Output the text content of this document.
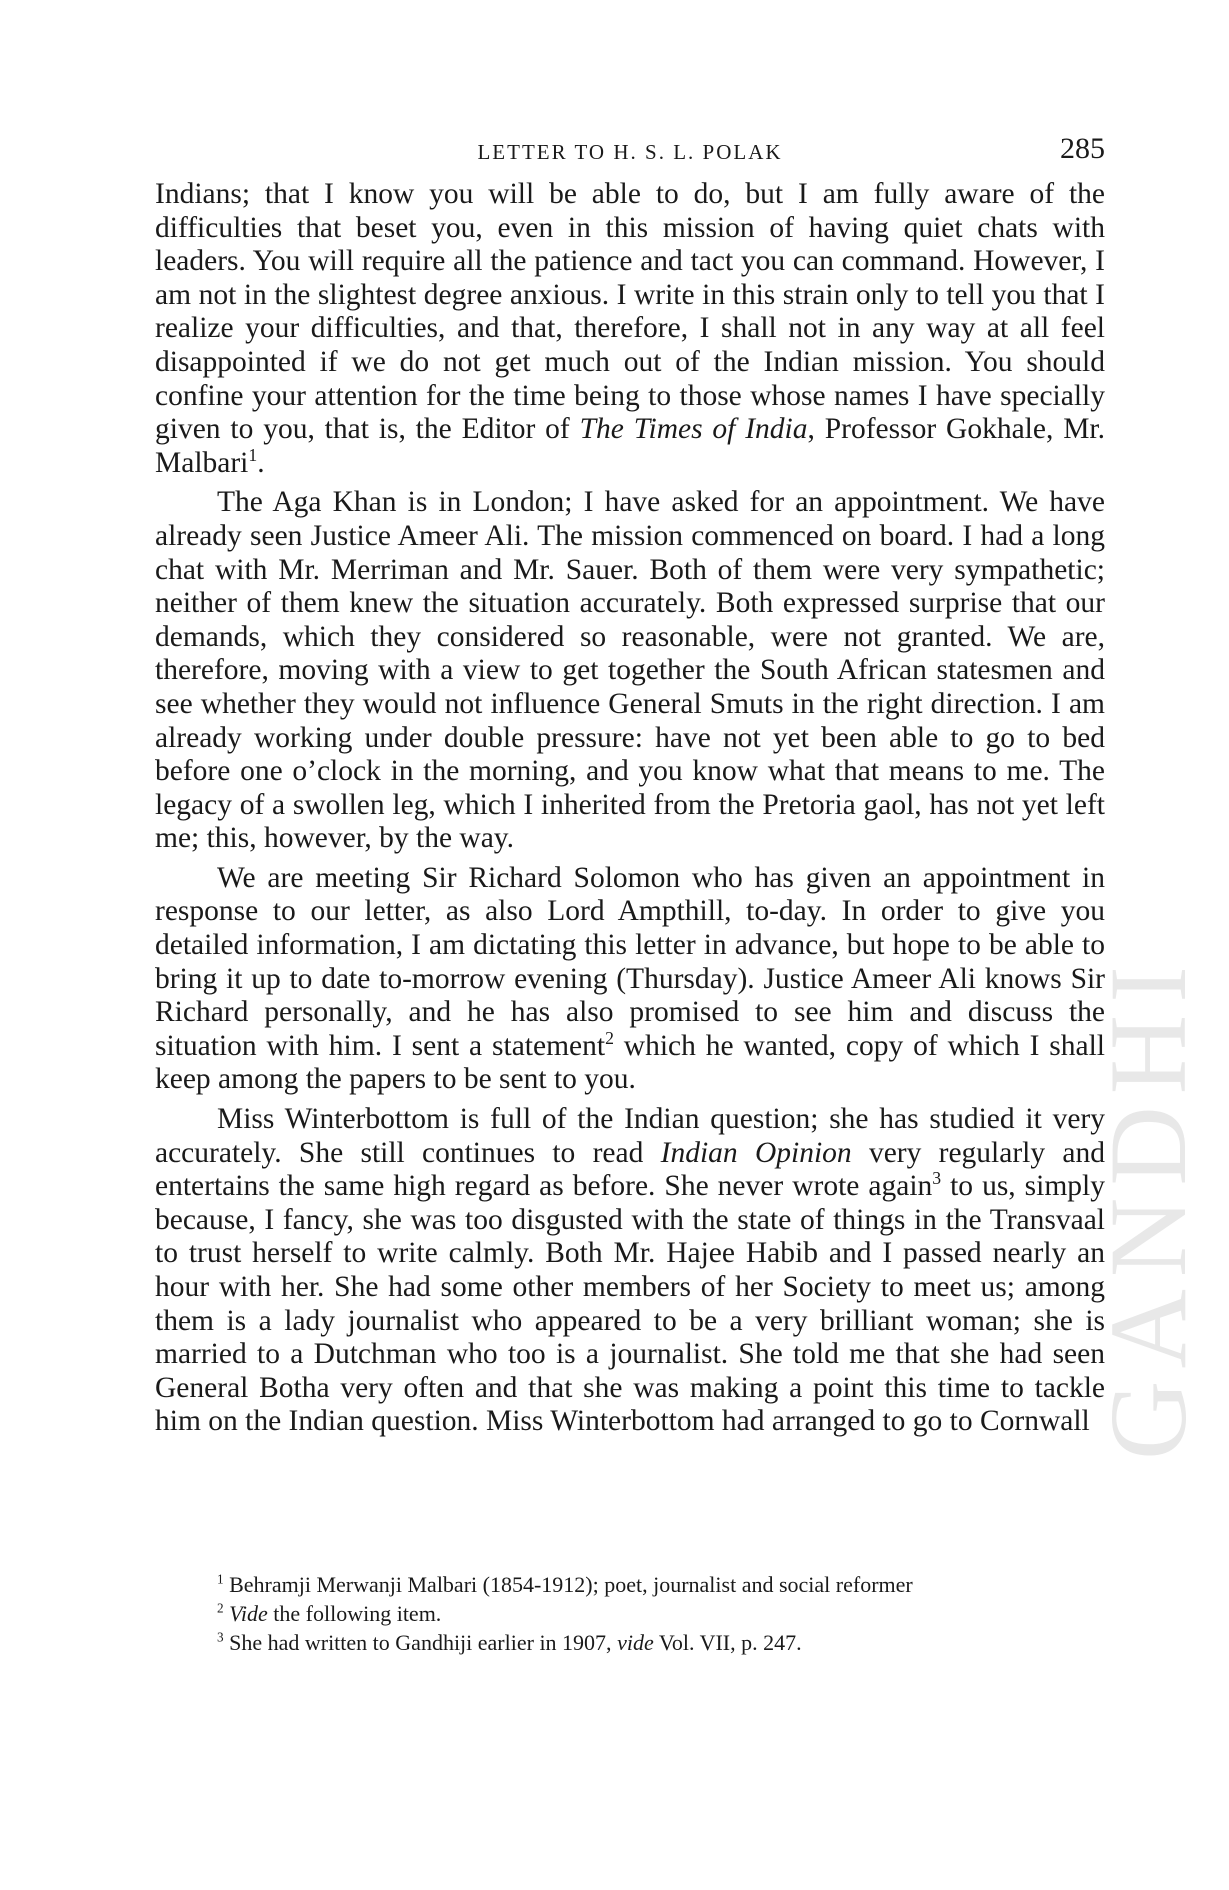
GANDHI
LETTER TO H. S. L. POLAK	285

Indians; that I know you will be able to do, but I am fully aware of the difficulties that beset you, even in this mission of having quiet chats with leaders. You will require all the patience and tact you can command. However, I am not in the slightest degree anxious. I write in this strain only to tell you that I realize your difficulties, and that, therefore, I shall not in any way at all feel disappointed if we do not get much out of the Indian mission. You should confine your attention for the time being to those whose names I have specially given to you, that is, the Editor of The Times of India, Professor Gokhale, Mr. Malbari$^1$.

The Aga Khan is in London; I have asked for an appointment. We have already seen Justice Ameer Ali. The mission commenced on board. I had a long chat with Mr. Merriman and Mr. Sauer. Both of them were very sympathetic; neither of them knew the situation accurately. Both expressed surprise that our demands, which they considered so reasonable, were not granted. We are, therefore, moving with a view to get together the South African statesmen and see whether they would not influence General Smuts in the right direction. I am already working under double pressure: have not yet been able to go to bed before one o’clock in the morning, and you know what that means to me. The legacy of a swollen leg, which I inherited from the Pretoria gaol, has not yet left me; this, however, by the way.

We are meeting Sir Richard Solomon who has given an appointment in response to our letter, as also Lord Ampthill, to-day. In order to give you detailed information, I am dictating this letter in advance, but hope to be able to bring it up to date to-morrow evening (Thursday). Justice Ameer Ali knows Sir Richard personally, and he has also promised to see him and discuss the situation with him. I sent a statement$^2$ which he wanted, copy of which I shall keep among the papers to be sent to you.

Miss Winterbottom is full of the Indian question; she has studied it very accurately. She still continues to read Indian Opinion very regularly and entertains the same high regard as before. She never wrote again$^3$ to us, simply because, I fancy, she was too disgusted with the state of things in the Transvaal to trust herself to write calmly. Both Mr. Hajee Habib and I passed nearly an hour with her. She had some other members of her Society to meet us; among them is a lady journalist who appeared to be a very brilliant woman; she is married to a Dutchman who too is a journalist. She told me that she had seen General Botha very often and that she was making a point this time to tackle him on the Indian question. Miss Winterbottom had arranged to go to Cornwall

$^1$ Behramji Merwanji Malbari (1854-1912); poet, journalist and social reformer

$^2$ Vide the following item.

$^3$ She had written to Gandhiji earlier in 1907, vide Vol. VII, p. 247.
